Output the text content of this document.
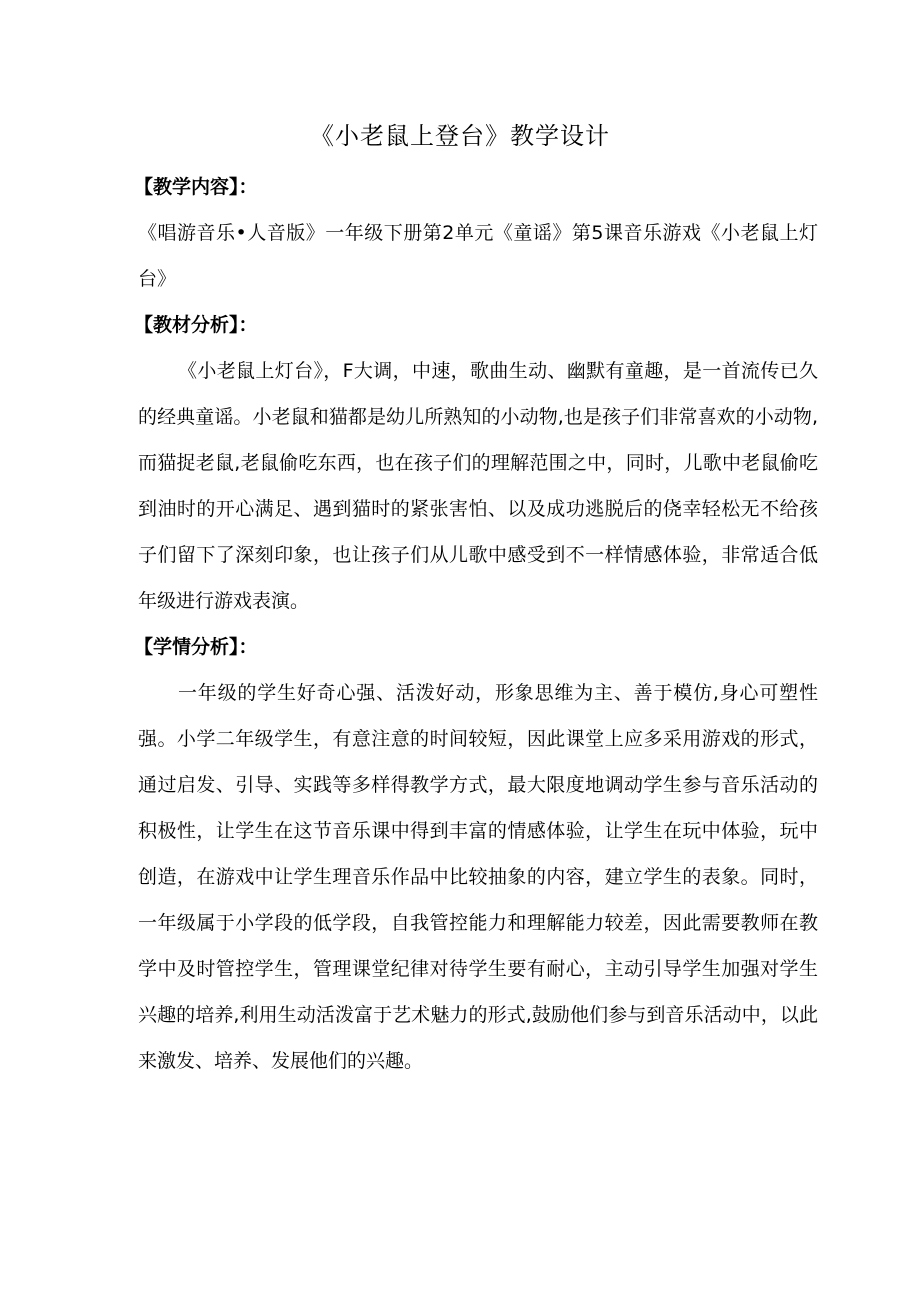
《小老鼠上登台》教学设计

【教学内容】：

《唱游音乐•人音版》一年级下册第2单元《童谣》第5课音乐游戏《小老鼠上灯台》

【教材分析】：

《小老鼠上灯台》，F大调，中速，歌曲生动、幽默有童趣，是一首流传已久的经典童谣。小老鼠和猫都是幼儿所熟知的小动物,也是孩子们非常喜欢的小动物,而猫捉老鼠,老鼠偷吃东西，也在孩子们的理解范围之中，同时，儿歌中老鼠偷吃到油时的开心满足、遇到猫时的紧张害怕、以及成功逃脱后的侥幸轻松无不给孩子们留下了深刻印象，也让孩子们从儿歌中感受到不一样情感体验，非常适合低年级进行游戏表演。

【学情分析】：

一年级的学生好奇心强、活泼好动，形象思维为主、善于模仿,身心可塑性强。小学二年级学生，有意注意的时间较短，因此课堂上应多采用游戏的形式，通过启发、引导、实践等多样得教学方式，最大限度地调动学生参与音乐活动的积极性，让学生在这节音乐课中得到丰富的情感体验，让学生在玩中体验，玩中创造，在游戏中让学生理音乐作品中比较抽象的内容，建立学生的表象。同时，一年级属于小学段的低学段，自我管控能力和理解能力较差，因此需要教师在教学中及时管控学生，管理课堂纪律对待学生要有耐心，主动引导学生加强对学生兴趣的培养,利用生动活泼富于艺术魅力的形式,鼓励他们参与到音乐活动中，以此来激发、培养、发展他们的兴趣。
